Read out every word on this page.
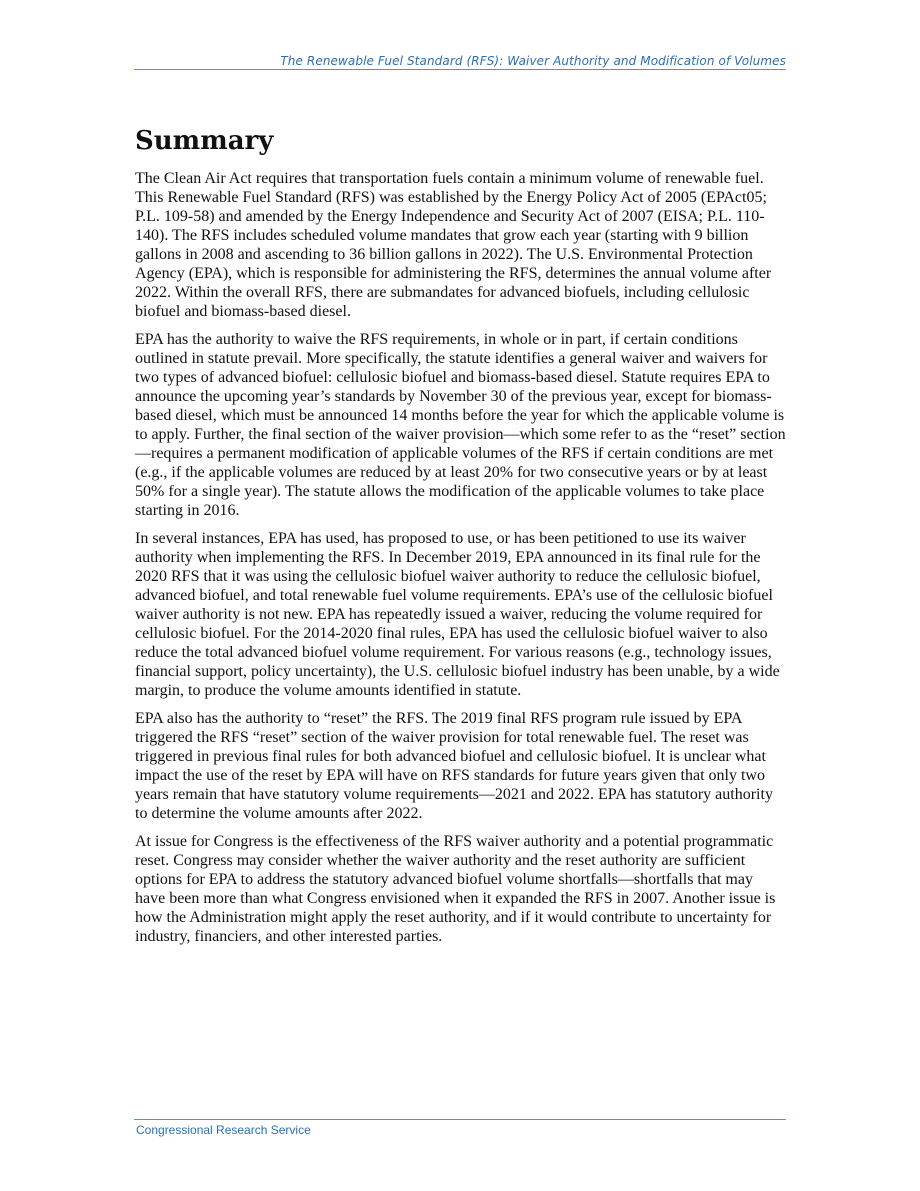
The Renewable Fuel Standard (RFS): Waiver Authority and Modification of Volumes
Summary

The Clean Air Act requires that transportation fuels contain a minimum volume of renewable fuel. This Renewable Fuel Standard (RFS) was established by the Energy Policy Act of 2005 (EPAct05; P.L. 109-58) and amended by the Energy Independence and Security Act of 2007 (EISA; P.L. 110-140). The RFS includes scheduled volume mandates that grow each year (starting with 9 billion gallons in 2008 and ascending to 36 billion gallons in 2022). The U.S. Environmental Protection Agency (EPA), which is responsible for administering the RFS, determines the annual volume after 2022. Within the overall RFS, there are submandates for advanced biofuels, including cellulosic biofuel and biomass-based diesel.

EPA has the authority to waive the RFS requirements, in whole or in part, if certain conditions outlined in statute prevail. More specifically, the statute identifies a general waiver and waivers for two types of advanced biofuel: cellulosic biofuel and biomass-based diesel. Statute requires EPA to announce the upcoming year’s standards by November 30 of the previous year, except for biomass-based diesel, which must be announced 14 months before the year for which the applicable volume is to apply. Further, the final section of the waiver provision—which some refer to as the “reset” section—requires a permanent modification of applicable volumes of the RFS if certain conditions are met (e.g., if the applicable volumes are reduced by at least 20% for two consecutive years or by at least 50% for a single year). The statute allows the modification of the applicable volumes to take place starting in 2016.

In several instances, EPA has used, has proposed to use, or has been petitioned to use its waiver authority when implementing the RFS. In December 2019, EPA announced in its final rule for the 2020 RFS that it was using the cellulosic biofuel waiver authority to reduce the cellulosic biofuel, advanced biofuel, and total renewable fuel volume requirements. EPA’s use of the cellulosic biofuel waiver authority is not new. EPA has repeatedly issued a waiver, reducing the volume required for cellulosic biofuel. For the 2014-2020 final rules, EPA has used the cellulosic biofuel waiver to also reduce the total advanced biofuel volume requirement. For various reasons (e.g., technology issues, financial support, policy uncertainty), the U.S. cellulosic biofuel industry has been unable, by a wide margin, to produce the volume amounts identified in statute.

EPA also has the authority to “reset” the RFS. The 2019 final RFS program rule issued by EPA triggered the RFS “reset” section of the waiver provision for total renewable fuel. The reset was triggered in previous final rules for both advanced biofuel and cellulosic biofuel. It is unclear what impact the use of the reset by EPA will have on RFS standards for future years given that only two years remain that have statutory volume requirements—2021 and 2022. EPA has statutory authority to determine the volume amounts after 2022.

At issue for Congress is the effectiveness of the RFS waiver authority and a potential programmatic reset. Congress may consider whether the waiver authority and the reset authority are sufficient options for EPA to address the statutory advanced biofuel volume shortfalls—shortfalls that may have been more than what Congress envisioned when it expanded the RFS in 2007. Another issue is how the Administration might apply the reset authority, and if it would contribute to uncertainty for industry, financiers, and other interested parties.

Congressional Research Service
